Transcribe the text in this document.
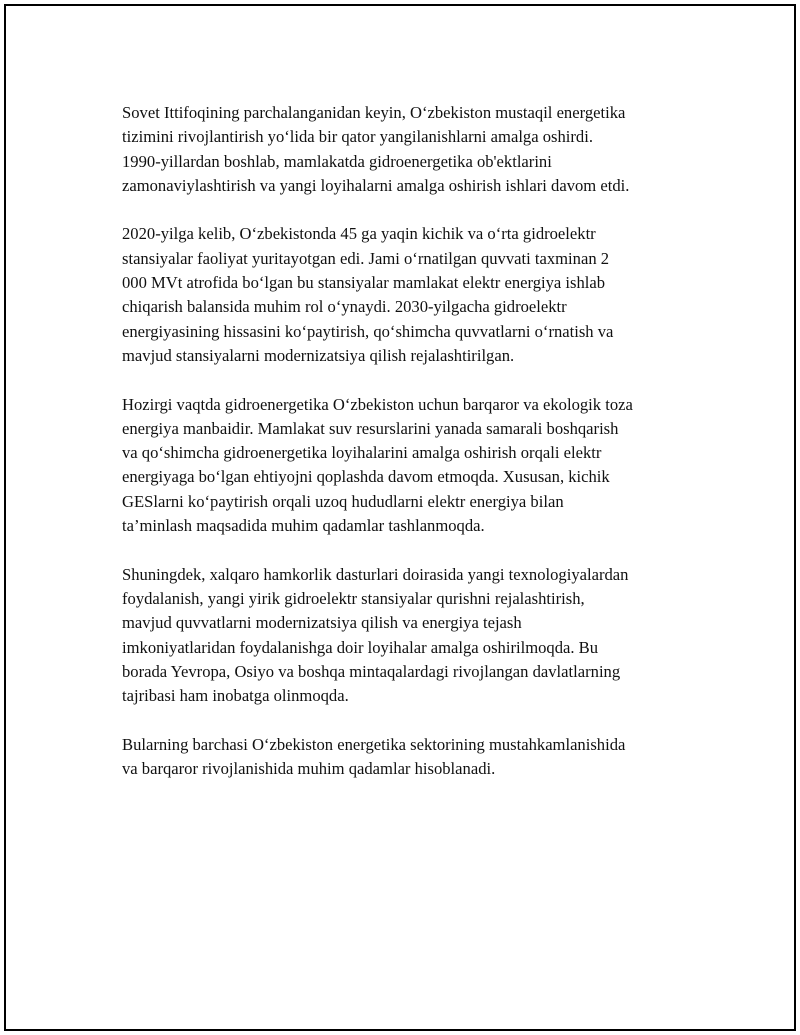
Sovet Ittifoqining parchalanganidan keyin, O‘zbekiston mustaqil energetika
tizimini rivojlantirish yo‘lida bir qator yangilanishlarni amalga oshirdi.
1990-yillardan boshlab, mamlakatda gidroenergetika ob'ektlarini
zamonaviylashtirish va yangi loyihalarni amalga oshirish ishlari davom etdi.

2020-yilga kelib, O‘zbekistonda 45 ga yaqin kichik va o‘rta gidroelektr
stansiyalar faoliyat yuritayotgan edi. Jami o‘rnatilgan quvvati taxminan 2
000 MVt atrofida bo‘lgan bu stansiyalar mamlakat elektr energiya ishlab
chiqarish balansida muhim rol o‘ynaydi. 2030-yilgacha gidroelektr
energiyasining hissasini ko‘paytirish, qo‘shimcha quvvatlarni o‘rnatish va
mavjud stansiyalarni modernizatsiya qilish rejalashtirilgan.

Hozirgi vaqtda gidroenergetika O‘zbekiston uchun barqaror va ekologik toza
energiya manbaidir. Mamlakat suv resurslarini yanada samarali boshqarish
va qo‘shimcha gidroenergetika loyihalarini amalga oshirish orqali elektr
energiyaga bo‘lgan ehtiyojni qoplashda davom etmoqda. Xususan, kichik
GESlarni ko‘paytirish orqali uzoq hududlarni elektr energiya bilan
ta’minlash maqsadida muhim qadamlar tashlanmoqda.

Shuningdek, xalqaro hamkorlik dasturlari doirasida yangi texnologiyalardan
foydalanish, yangi yirik gidroelektr stansiyalar qurishni rejalashtirish,
mavjud quvvatlarni modernizatsiya qilish va energiya tejash
imkoniyatlaridan foydalanishga doir loyihalar amalga oshirilmoqda. Bu
borada Yevropa, Osiyo va boshqa mintaqalardagi rivojlangan davlatlarning
tajribasi ham inobatga olinmoqda.

Bularning barchasi O‘zbekiston energetika sektorining mustahkamlanishida
va barqaror rivojlanishida muhim qadamlar hisoblanadi.
